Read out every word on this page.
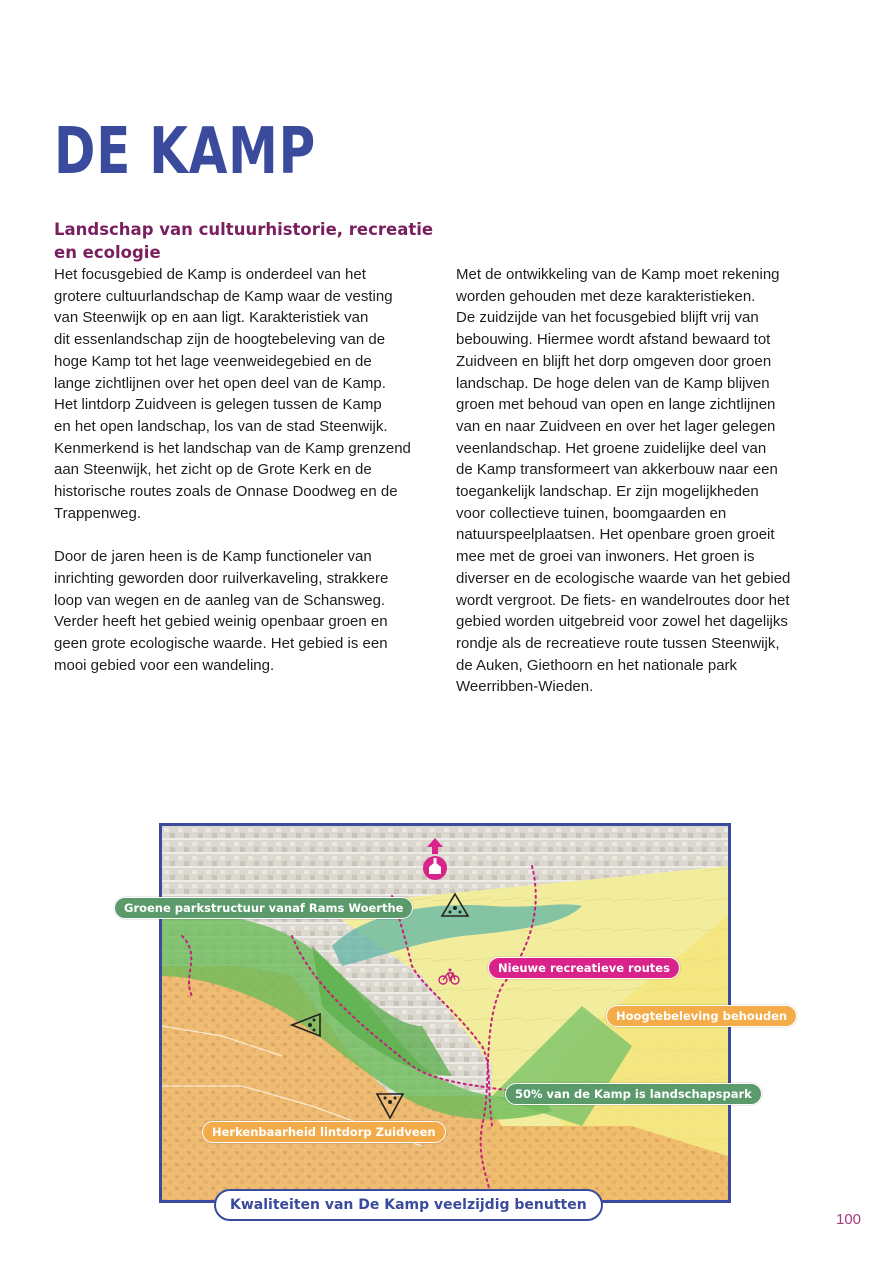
DE KAMP
Landschap van cultuurhistorie, recreatie en ecologie
Het focusgebied de Kamp is onderdeel van het
grotere cultuurlandschap de Kamp waar de vesting
van Steenwijk op en aan ligt. Karakteristiek van
dit essenlandschap zijn de hoogtebeleving van de
hoge Kamp tot het lage veenweidegebied en de
lange zichtlijnen over het open deel van de Kamp.
Het lintdorp Zuidveen is gelegen tussen de Kamp
en het open landschap, los van de stad Steenwijk.
Kenmerkend is het landschap van de Kamp grenzend
aan Steenwijk, het zicht op de Grote Kerk en de
historische routes zoals de Onnase Doodweg en de
Trappenweg.
Door de jaren heen is de Kamp functioneler van
inrichting geworden door ruilverkaveling, strakkere
loop van wegen en de aanleg van de Schansweg.
Verder heeft het gebied weinig openbaar groen en
geen grote ecologische waarde. Het gebied is een
mooi gebied voor een wandeling.
Met de ontwikkeling van de Kamp moet rekening
worden gehouden met deze karakteristieken.
De zuidzijde van het focusgebied blijft vrij van
bebouwing. Hiermee wordt afstand bewaard tot
Zuidveen en blijft het dorp omgeven door groen
landschap. De hoge delen van de Kamp blijven
groen met behoud van open en lange zichtlijnen
van en naar Zuidveen en over het lager gelegen
veenlandschap. Het groene zuidelijke deel van
de Kamp transformeert van akkerbouw naar een
toegankelijk landschap. Er zijn mogelijkheden
voor collectieve tuinen, boomgaarden en
natuurspeelplaatsen. Het openbare groen groeit
mee met de groei van inwoners. Het groen is
diverser en de ecologische waarde van het gebied
wordt vergroot. De fiets- en wandelroutes door het
gebied worden uitgebreid voor zowel het dagelijks
rondje als de recreatieve route tussen Steenwijk,
de Auken, Giethoorn en het nationale park
Weerribben-Wieden.
Groene parkstructuur vanaf Rams Woerthe
Nieuwe recreatieve routes
Hoogtebeleving behouden
50% van de Kamp is landschapspark
Herkenbaarheid lintdorp Zuidveen
Kwaliteiten van De Kamp veelzijdig benutten
100
